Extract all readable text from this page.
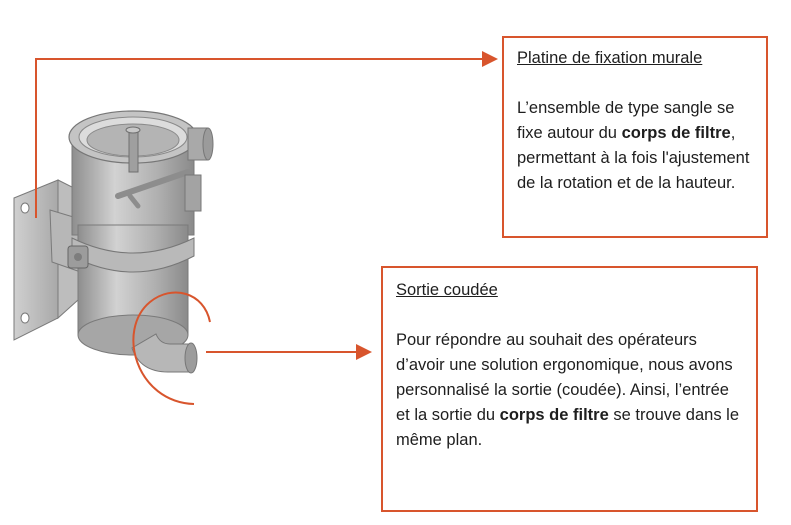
Platine de fixation murale

L’ensemble de type sangle se fixe autour du corps de filtre, permettant à la fois l'ajustement de la rotation et de la hauteur.

Sortie coudée

Pour répondre au souhait des opérateurs d’avoir une solution ergonomique, nous avons personnalisé la sortie (coudée). Ainsi, l’entrée et la sortie du corps de filtre se trouve dans le même plan.
